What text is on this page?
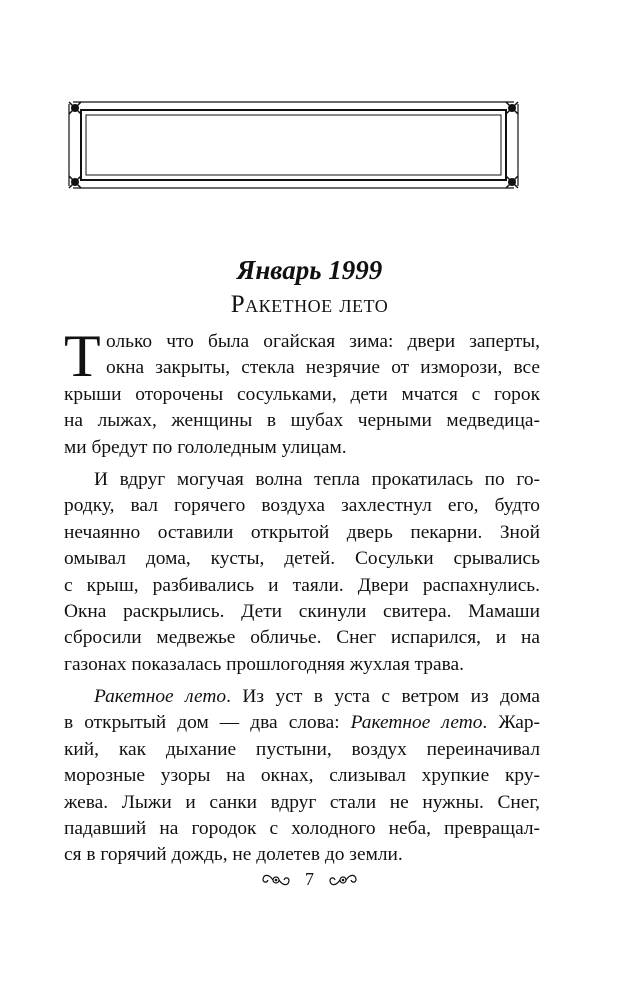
Январь 1999
Ракетное лето
Т олько что была огайская зима: двери заперты,
окна закрыты, стекла незрячие от изморози, все
крыши оторочены сосульками, дети мчатся с горок
на лыжах, женщины в шубах черными медведица-
ми бредут по гололедным улицам.
И вдруг могучая волна тепла прокатилась по го-
родку, вал горячего воздуха захлестнул его, будто
нечаянно оставили открытой дверь пекарни. Зной
омывал дома, кусты, детей. Сосульки срывались
с крыш, разбивались и таяли. Двери распахнулись.
Окна раскрылись. Дети скинули свитера. Мамаши
сбросили медвежье обличье. Снег испарился, и на
газонах показалась прошлогодняя жухлая трава.
Ракетное лето. Из уст в уста с ветром из дома
в открытый дом — два слова: Ракетное лето. Жар-
кий, как дыхание пустыни, воздух переиначивал
морозные узоры на окнах, слизывал хрупкие кру-
жева. Лыжи и санки вдруг стали не нужны. Снег,
падавший на городок с холодного неба, превращал-
ся в горячий дождь, не долетев до земли.
7
